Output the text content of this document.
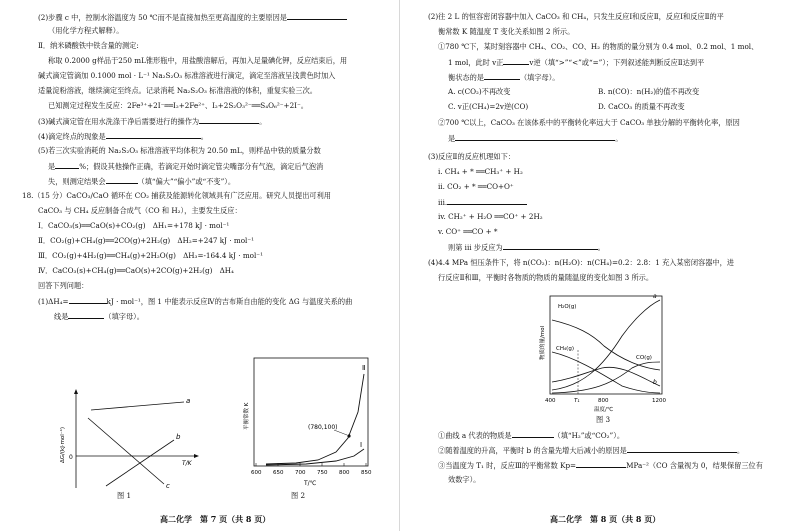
(2)步骤 c 中，控制水浴温度为 50 ℃而不是直接加热至更高温度的主要原因是
（用化学方程式解释）。
Ⅱ．纳米磷酸铁中铁含量的测定:
称取 0.2000 g样品于250 mL锥形瓶中，用盐酸溶解后，再加入足量碘化钾，反应结束后，用
碱式滴定管滴加 0.1000 mol · L⁻¹ Na₂S₂O₃ 标准溶液进行滴定，滴定至溶液呈浅黄色时加入
适量淀粉溶液，继续滴定至终点。记录消耗 Na₂S₂O₃ 标准溶液的体积，重复实验三次。
已知测定过程发生反应：2Fe³⁺+2I⁻══I₂+2Fe²⁺、I₂+2S₂O₃²⁻══S₄O₆²⁻+2I⁻。
(3)碱式滴定管在用水洗涤干净后需要进行的操作为	。
(4)滴定终点的现象是	。
(5)若三次实验消耗的 Na₂S₂O₃ 标准溶液平均体积为 20.50 mL，则样品中铁的质量分数
是	%；假设其他操作正确，若滴定开始时滴定管尖嘴部分有气泡，滴定后气泡消
失，则测定结果会	（填“偏大”“偏小”或“不变”）。
18.（15 分）CaCO₃/CaO 循环在 CO₂ 捕获及能源转化领域具有广泛应用。研究人员提出可利用
CaCO₃ 与 CH₄ 反应制备合成气（CO 和 H₂），主要发生反应：
Ⅰ．CaCO₃(s)══CaO(s)+CO₂(g)　ΔH₁=+178 kJ · mol⁻¹
Ⅱ．CO₂(g)+CH₄(g)══2CO(g)+2H₂(g)　ΔH₂=+247 kJ · mol⁻¹
Ⅲ．CO₂(g)+4H₂(g)══CH₄(g)+2H₂O(g)　ΔH₃=-164.4 kJ · mol⁻¹
Ⅳ．CaCO₃(s)+CH₄(g)══CaO(s)+2CO(g)+2H₂(g)　ΔH₄
回答下列问题：
(1)ΔH₄=	kJ · mol⁻¹，图 1 中能表示反应Ⅳ的吉布斯自由能的变化 ΔG 与温度关系的曲
线是	（填字母）。
a
b
c
0
T/K
ΔG/(kJ·mol⁻¹)
图 1
600 650 700 750 800 850
(780,100)
Ⅱ
Ⅰ
T/℃
平衡常数 K
图 2
高二化学　第 7 页（共 8 页）
(2)往 2 L 的恒容密闭容器中加入 CaCO₃ 和 CH₄，只发生反应Ⅰ和反应Ⅱ，反应Ⅰ和反应Ⅱ的平
衡常数 K 随温度 T 变化关系如图 2 所示。
①780 ℃下，某时刻容器中 CH₄、CO₂、CO、H₂ 的物质的量分别为 0.4 mol、0.2 mol、1 mol、
1 mol，此时 v正	v逆（填“>”“<”或“=”）；下列叙述能判断反应Ⅱ达到平
衡状态的是	（填字母）。
A. c(CO₂)不再改变	B. n(CO)：n(H₂)的值不再改变
C. v正(CH₄)=2v逆(CO)	D. CaCO₃ 的质量不再改变
②700 ℃以上，CaCO₃ 在该体系中的平衡转化率远大于 CaCO₃ 单独分解的平衡转化率，原因
是	。
(3)反应Ⅱ的反应机理如下：
i. CH₄ + * ══CH₃⁺ + H₂
ii. CO₂ + * ══CO+O⁺
iii.
iv. CH₂⁺ + H₂O ══CO⁺ + 2H₂
v. CO⁺ ══CO + *
则第 iii 步反应为	。
(4)4.4 MPa 恒压条件下，将 n(CO₂)：n(H₂O)：n(CH₄)=0.2：2.8：1 充入某密闭容器中，进
行反应Ⅱ和Ⅲ，平衡时各物质的物质的量随温度的变化如图 3 所示。
H₂O(g)
CH₄(g)
CO(g)
a
b
400	T₁	800	1200
温度/℃
物质的量/mol
图 3
①曲线 a 代表的物质是	（填“H₂”或“CO₂”）。
②随着温度的升高，平衡时 b 的含量先增大后减小的原因是	。
③当温度为 T₁ 时，反应Ⅲ的平衡常数 Kp=	MPa⁻²（CO 含量视为 0，结果保留三位有
效数字）。
高二化学　第 8 页（共 8 页）
